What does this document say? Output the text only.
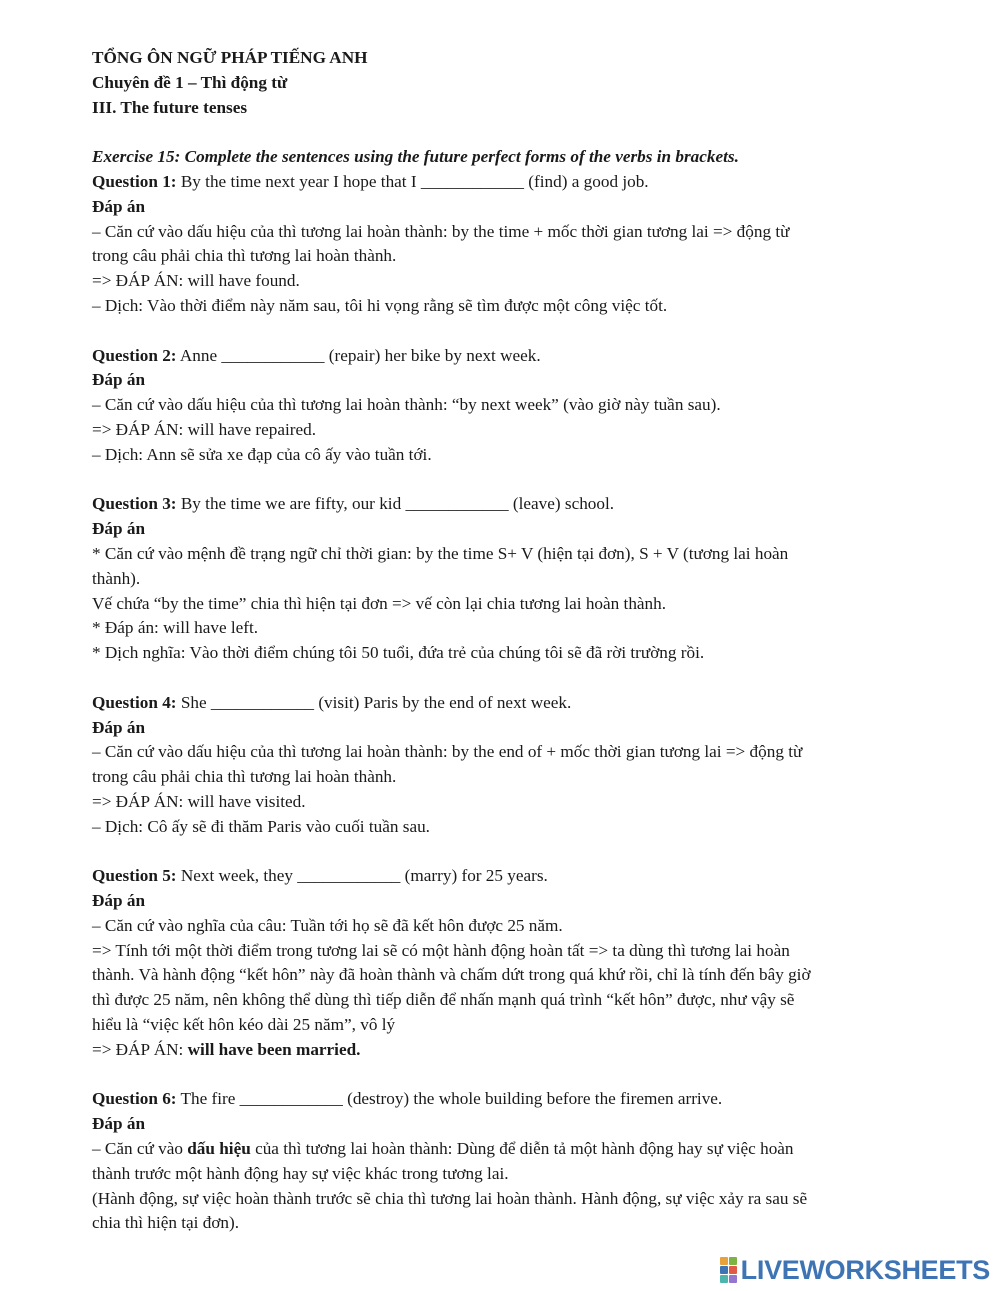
TỔNG ÔN NGỮ PHÁP TIẾNG ANH
Chuyên đề 1 – Thì động từ
III. The future tenses
Exercise 15: Complete the sentences using the future perfect forms of the verbs in brackets.
Question 1: By the time next year I hope that I ____________ (find) a good job.
Đáp án
– Căn cứ vào dấu hiệu của thì tương lai hoàn thành: by the time + mốc thời gian tương lai => động từ
trong câu phải chia thì tương lai hoàn thành.
=> ĐÁP ÁN: will have found.
– Dịch: Vào thời điểm này năm sau, tôi hi vọng rằng sẽ tìm được một công việc tốt.
Question 2: Anne ____________ (repair) her bike by next week.
Đáp án
– Căn cứ vào dấu hiệu của thì tương lai hoàn thành: “by next week” (vào giờ này tuần sau).
=> ĐÁP ÁN: will have repaired.
– Dịch: Ann sẽ sửa xe đạp của cô ấy vào tuần tới.
Question 3: By the time we are fifty, our kid ____________ (leave) school.
Đáp án
* Căn cứ vào mệnh đề trạng ngữ chỉ thời gian: by the time S+ V (hiện tại đơn), S + V (tương lai hoàn
thành).
Vế chứa “by the time” chia thì hiện tại đơn => vế còn lại chia tương lai hoàn thành.
* Đáp án: will have left.
* Dịch nghĩa: Vào thời điểm chúng tôi 50 tuổi, đứa trẻ của chúng tôi sẽ đã rời trường rồi.
Question 4: She ____________ (visit) Paris by the end of next week.
Đáp án
– Căn cứ vào dấu hiệu của thì tương lai hoàn thành: by the end of + mốc thời gian tương lai => động từ
trong câu phải chia thì tương lai hoàn thành.
=> ĐÁP ÁN: will have visited.
– Dịch: Cô ấy sẽ đi thăm Paris vào cuối tuần sau.
Question 5: Next week, they ____________ (marry) for 25 years.
Đáp án
– Căn cứ vào nghĩa của câu: Tuần tới họ sẽ đã kết hôn được 25 năm.
=> Tính tới một thời điểm trong tương lai sẽ có một hành động hoàn tất => ta dùng thì tương lai hoàn
thành. Và hành động “kết hôn” này đã hoàn thành và chấm dứt trong quá khứ rồi, chỉ là tính đến bây giờ
thì được 25 năm, nên không thể dùng thì tiếp diễn để nhấn mạnh quá trình “kết hôn” được, như vậy sẽ
hiểu là “việc kết hôn kéo dài 25 năm”, vô lý
=> ĐÁP ÁN: will have been married.
Question 6: The fire ____________ (destroy) the whole building before the firemen arrive.
Đáp án
– Căn cứ vào dấu hiệu của thì tương lai hoàn thành: Dùng để diễn tả một hành động hay sự việc hoàn
thành trước một hành động hay sự việc khác trong tương lai.
(Hành động, sự việc hoàn thành trước sẽ chia thì tương lai hoàn thành. Hành động, sự việc xảy ra sau sẽ
chia thì hiện tại đơn).
LIVEWORKSHEETS
